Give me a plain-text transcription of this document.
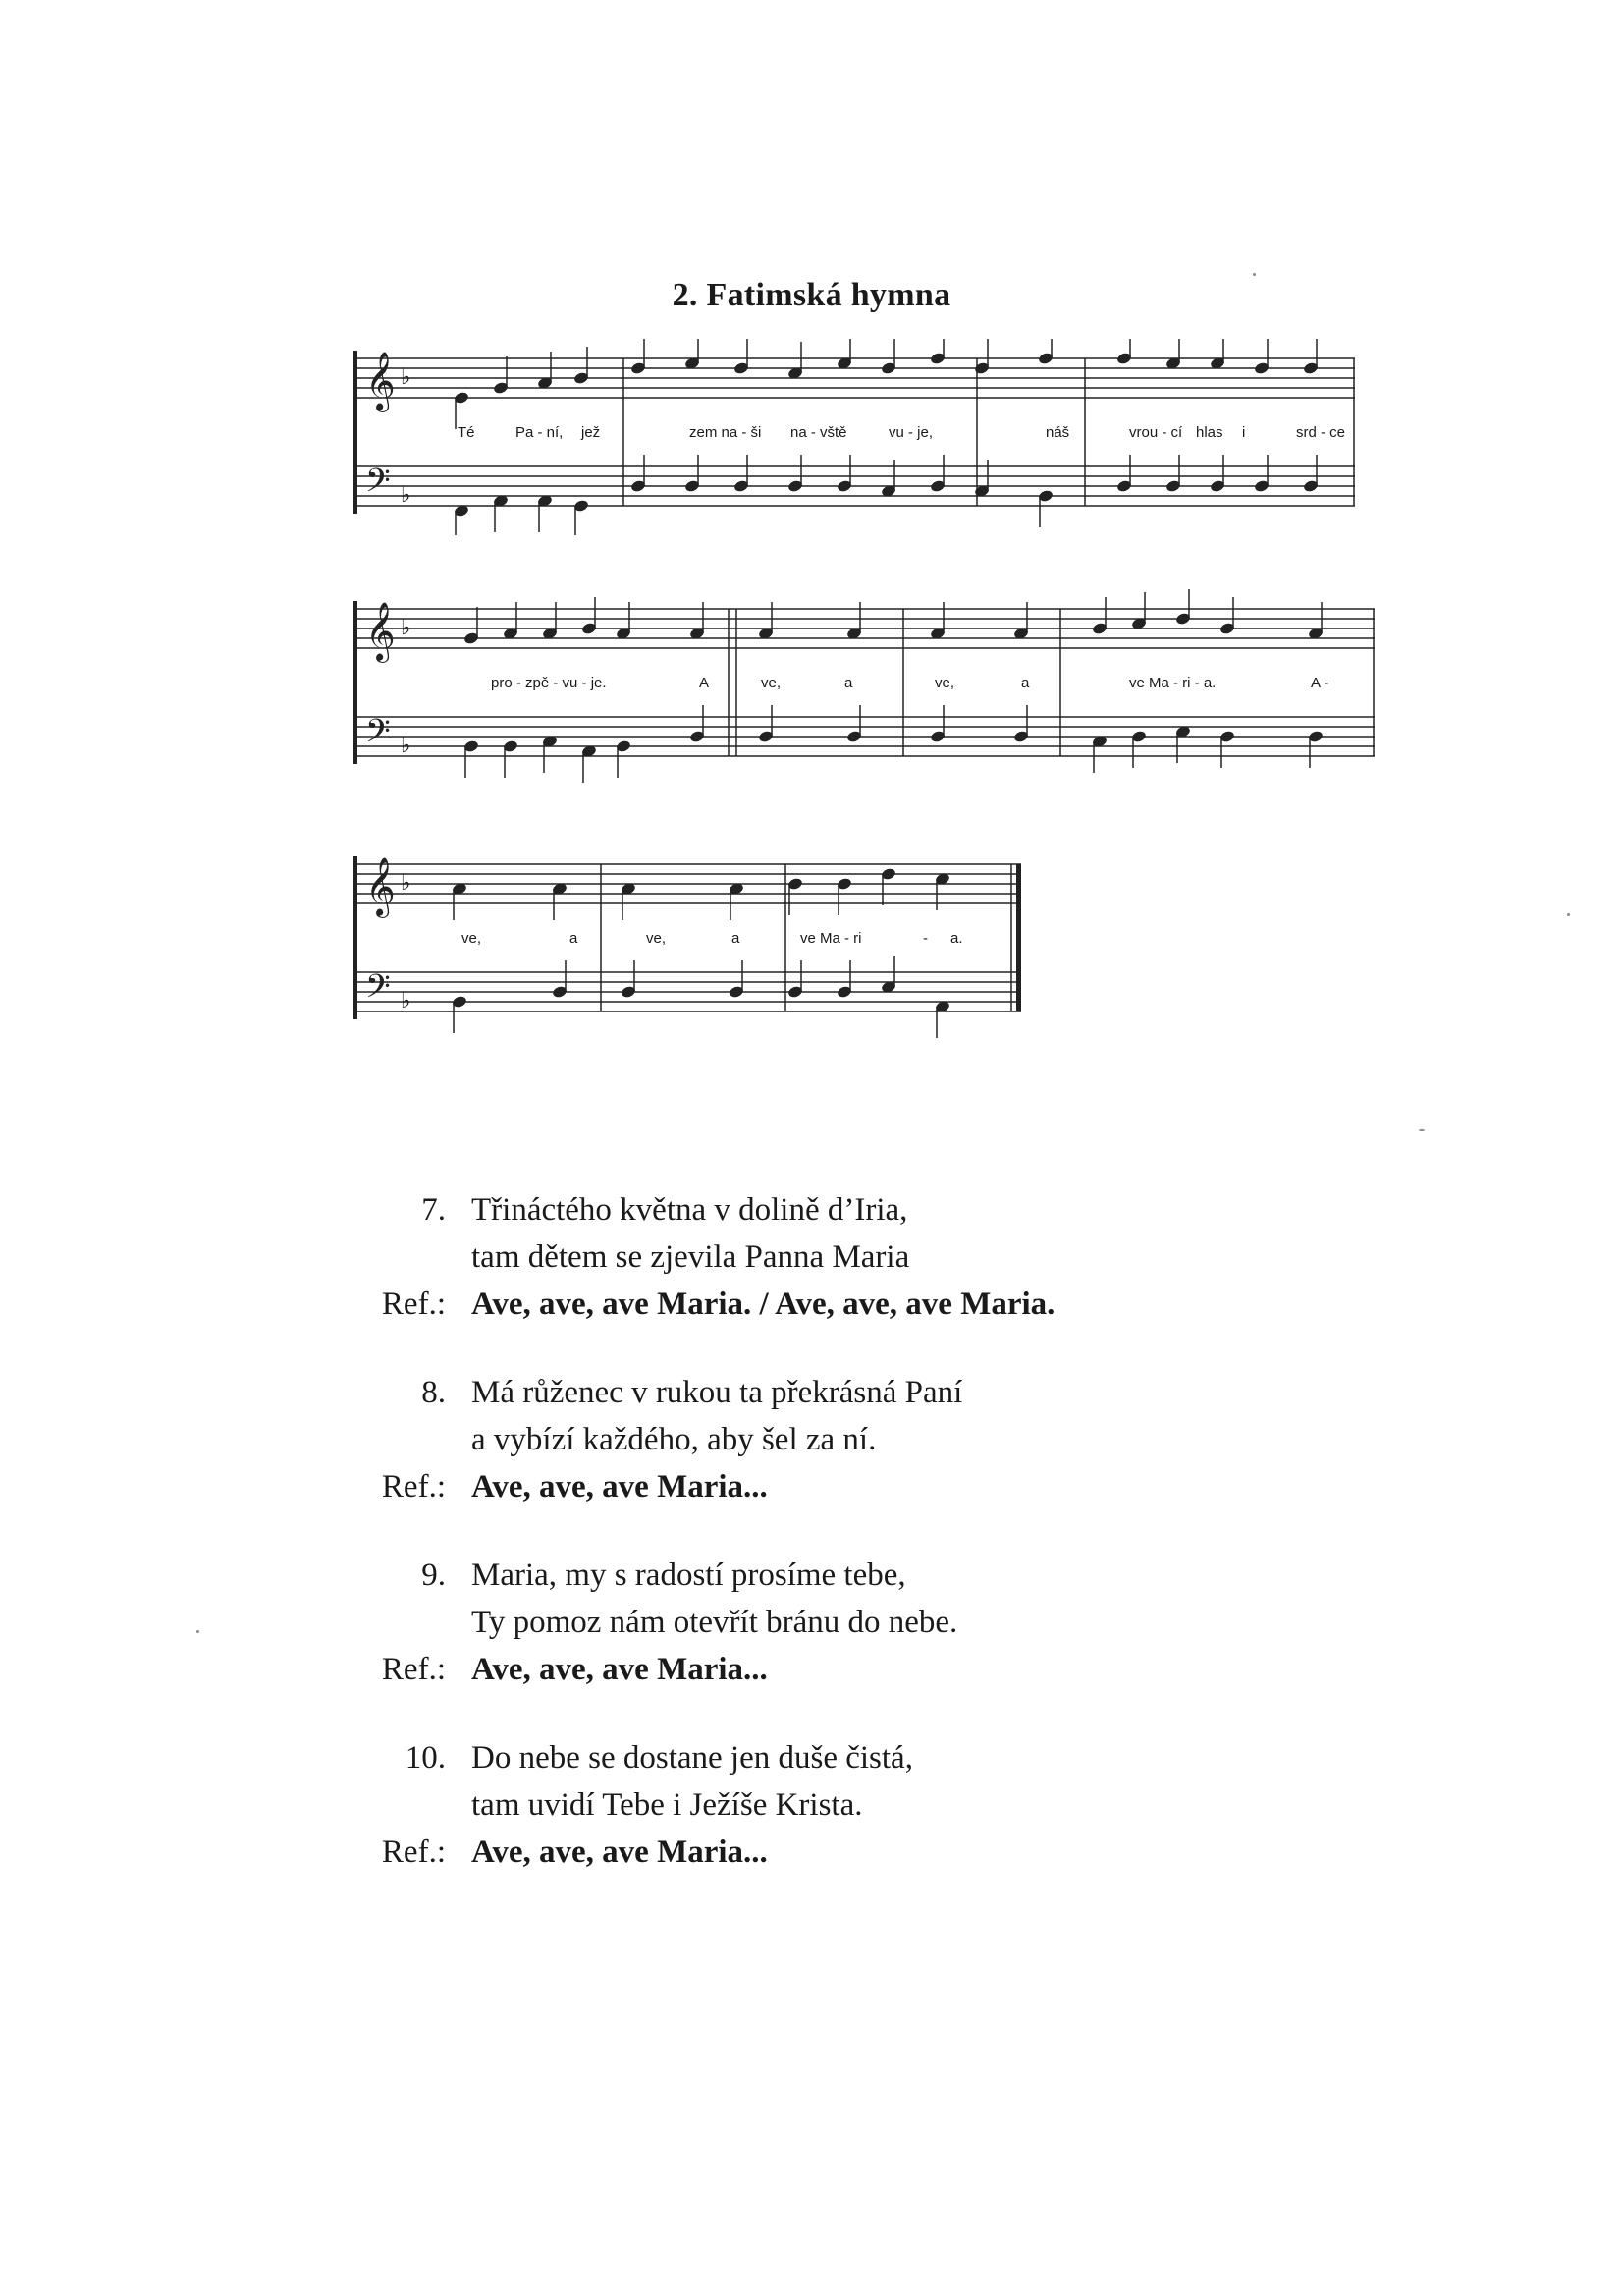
2. Fatimská hymna
𝄞
𝄢
♭
♭
Té	Pa - ní, jež	zem na - ši na - vště	vu - je,	náš	vrou - cí hlas i	srd - ce
𝄞
𝄢
♭
♭
pro - zpě - vu - je.	A	ve,	a	ve,	a	ve Ma - ri - a.	A -
𝄞
𝄢
♭
♭
ve,	a	ve,	a	ve Ma - ri	- a.
7. Třináctého května v dolině d’Iria,
tam dětem se zjevila Panna Maria
Ref.: Ave, ave, ave Maria. / Ave, ave, ave Maria.
8. Má růženec v rukou ta překrásná Paní
a vybízí každého, aby šel za ní.
Ref.: Ave, ave, ave Maria...
9. Maria, my s radostí prosíme tebe,
Ty pomoz nám otevřít bránu do nebe.
Ref.: Ave, ave, ave Maria...
10. Do nebe se dostane jen duše čistá,
tam uvidí Tebe i Ježíše Krista.
Ref.: Ave, ave, ave Maria...
